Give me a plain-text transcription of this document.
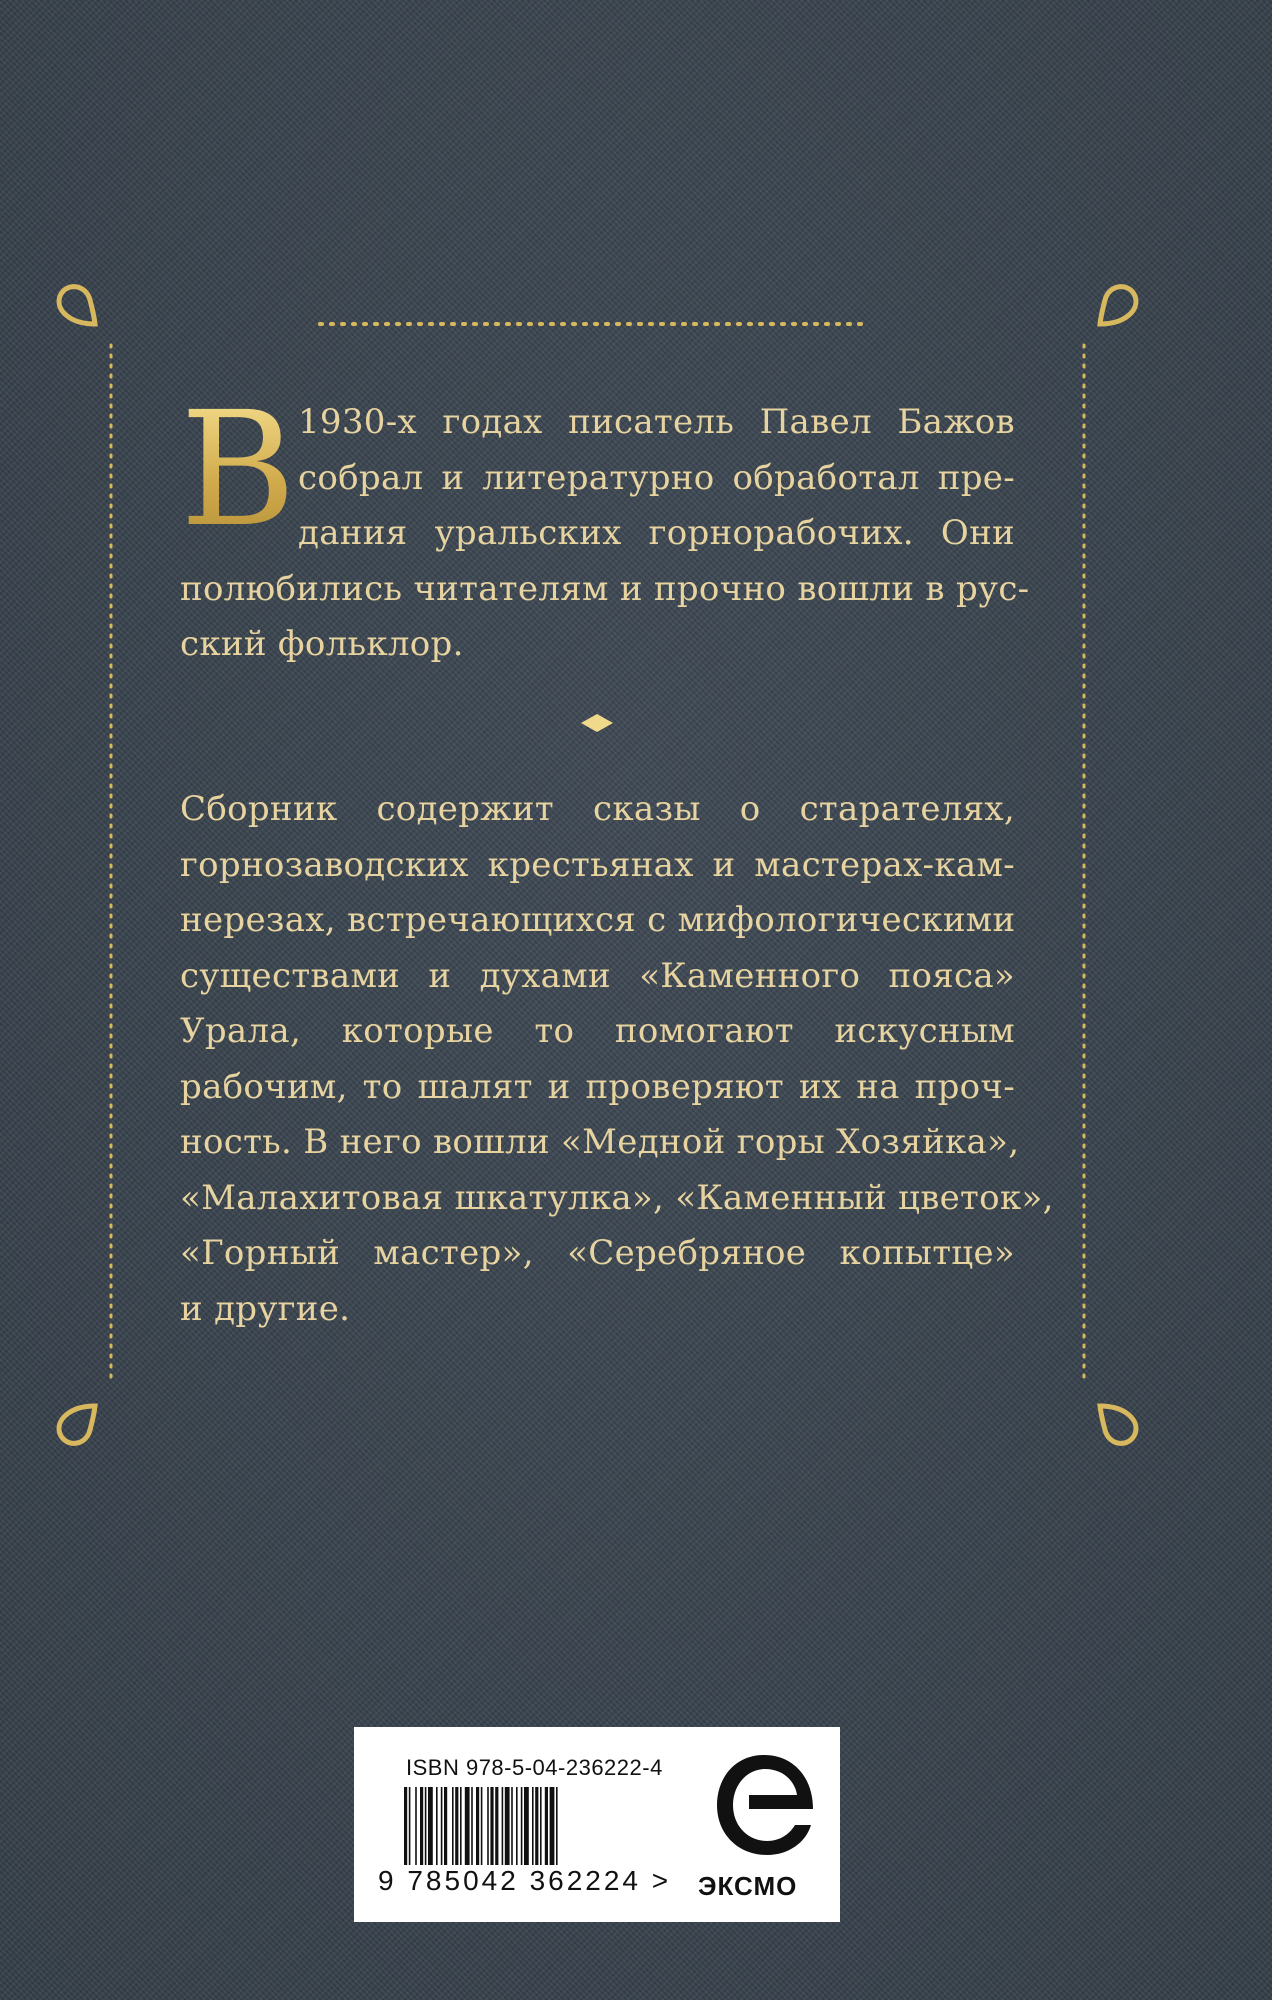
В 1930-х годах писатель Павел Бажов
собрал и литературно обработал пре-
дания уральских горнорабочих. Они
полюбились читателям и прочно вошли в рус-
ский фольклор.
Сборник содержит сказы о старателях,
горнозаводских крестьянах и мастерах-кам-
нерезах, встречающихся с мифологическими
существами и духами «Каменного пояса»
Урала, которые то помогают искусным
рабочим, то шалят и проверяют их на проч-
ность. В него вошли «Медной горы Хозяйка»,
«Малахитовая шкатулка», «Каменный цветок»,
«Горный мастер», «Серебряное копытце»
и другие.
ISBN 978-5-04-236222-4
9 785042 362224 > ЭКСМО
